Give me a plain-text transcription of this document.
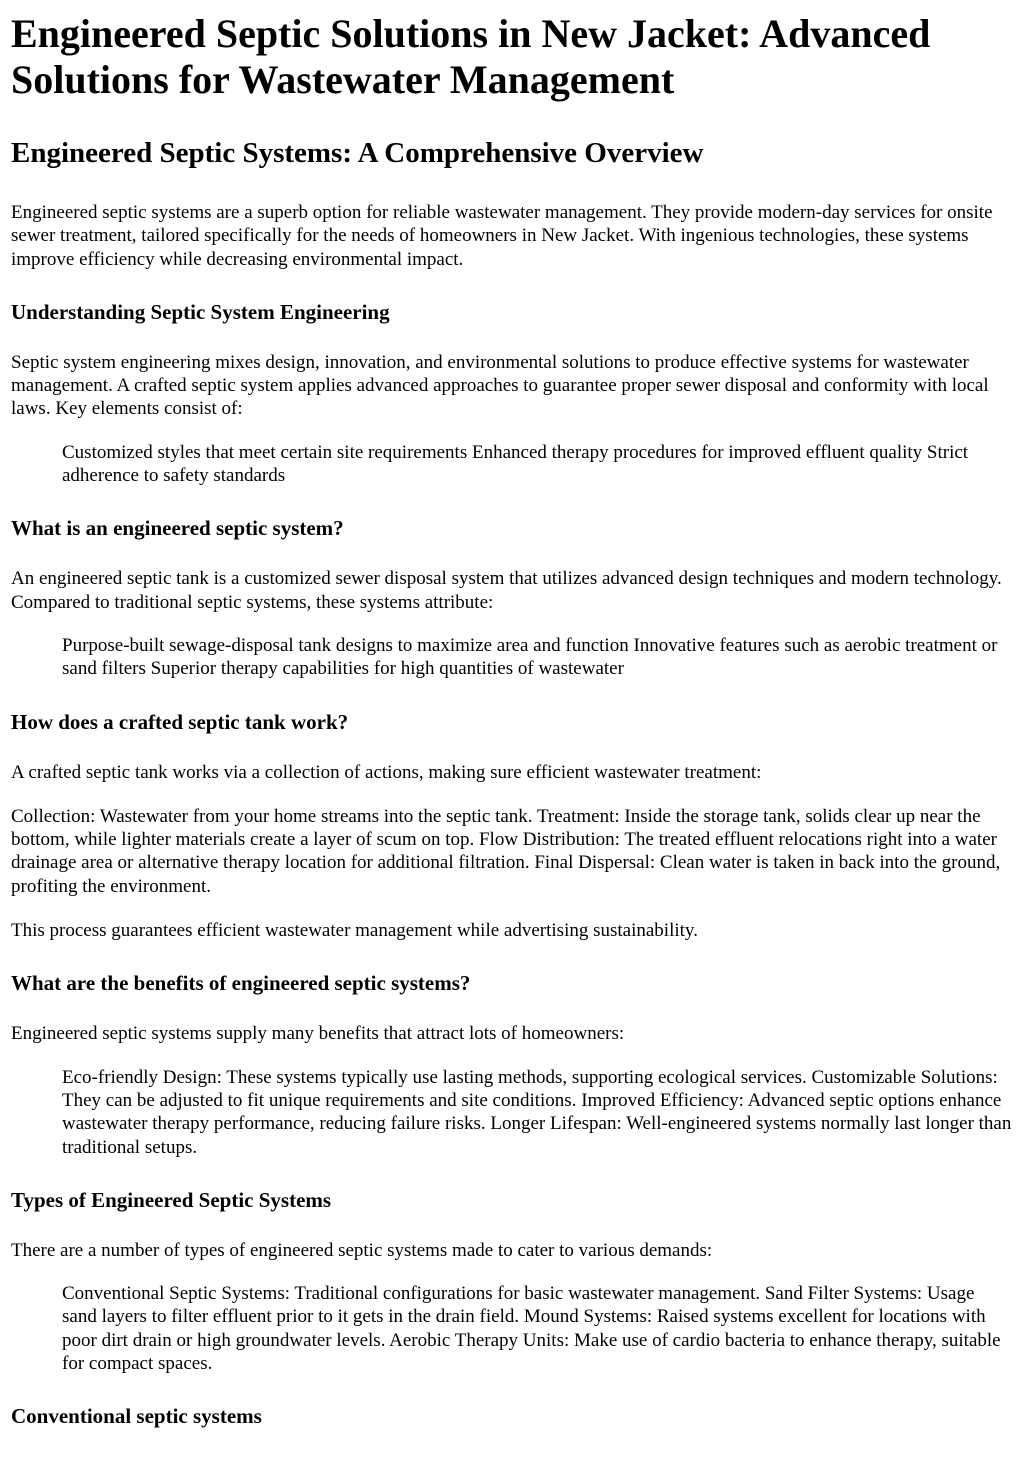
Engineered Septic Solutions in New Jacket: Advanced Solutions for Wastewater Management
Engineered Septic Systems: A Comprehensive Overview

Engineered septic systems are a superb option for reliable wastewater management. They provide modern-day services for onsite sewer treatment, tailored specifically for the needs of homeowners in New Jacket. With ingenious technologies, these systems improve efficiency while decreasing environmental impact.

Understanding Septic System Engineering

Septic system engineering mixes design, innovation, and environmental solutions to produce effective systems for wastewater management. A crafted septic system applies advanced approaches to guarantee proper sewer disposal and conformity with local laws. Key elements consist of:

Customized styles that meet certain site requirements Enhanced therapy procedures for improved effluent quality Strict adherence to safety standards
What is an engineered septic system?

An engineered septic tank is a customized sewer disposal system that utilizes advanced design techniques and modern technology. Compared to traditional septic systems, these systems attribute:

Purpose-built sewage-disposal tank designs to maximize area and function Innovative features such as aerobic treatment or sand filters Superior therapy capabilities for high quantities of wastewater
How does a crafted septic tank work?

A crafted septic tank works via a collection of actions, making sure efficient wastewater treatment:

Collection: Wastewater from your home streams into the septic tank. Treatment: Inside the storage tank, solids clear up near the bottom, while lighter materials create a layer of scum on top. Flow Distribution: The treated effluent relocations right into a water drainage area or alternative therapy location for additional filtration. Final Dispersal: Clean water is taken in back into the ground, profiting the environment.

This process guarantees efficient wastewater management while advertising sustainability.

What are the benefits of engineered septic systems?

Engineered septic systems supply many benefits that attract lots of homeowners:

Eco-friendly Design: These systems typically use lasting methods, supporting ecological services. Customizable Solutions: They can be adjusted to fit unique requirements and site conditions. Improved Efficiency: Advanced septic options enhance wastewater therapy performance, reducing failure risks. Longer Lifespan: Well-engineered systems normally last longer than traditional setups.
Types of Engineered Septic Systems

There are a number of types of engineered septic systems made to cater to various demands:

Conventional Septic Systems: Traditional configurations for basic wastewater management. Sand Filter Systems: Usage sand layers to filter effluent prior to it gets in the drain field. Mound Systems: Raised systems excellent for locations with poor dirt drain or high groundwater levels. Aerobic Therapy Units: Make use of cardio bacteria to enhance therapy, suitable for compact spaces.
Conventional septic systems
